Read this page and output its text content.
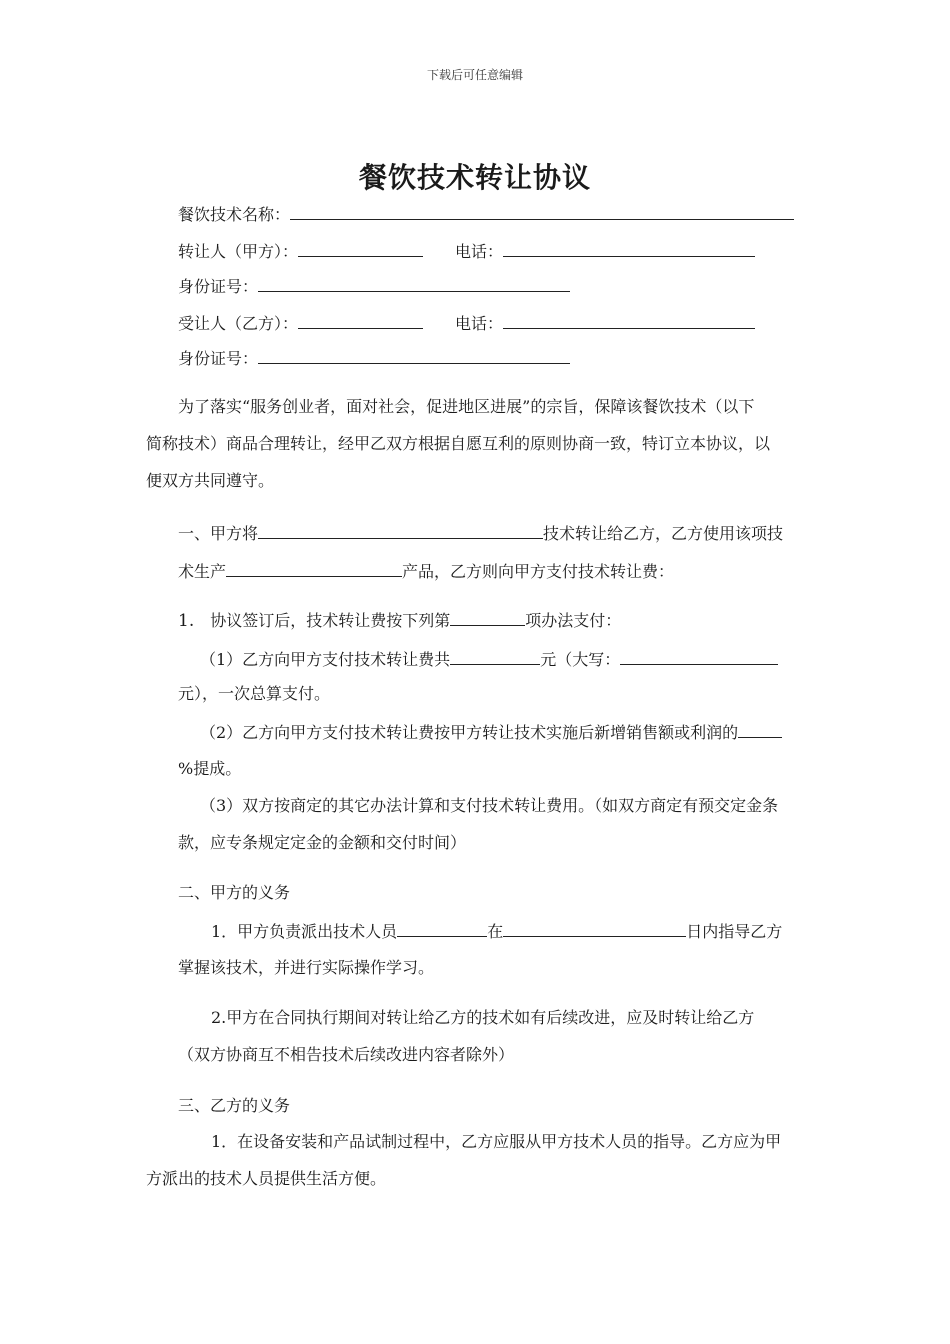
下载后可任意编辑
餐饮技术转让协议
餐饮技术名称：
转让人（甲方）：	电话：
身份证号：
受让人（乙方）：	电话：
身份证号：
为了落实“服务创业者，面对社会，促进地区进展”的宗旨，保障该餐饮技术（以下
简称技术）商品合理转让，经甲乙双方根据自愿互利的原则协商一致，特订立本协议，以
便双方共同遵守。
一、甲方将	技术转让给乙方，乙方使用该项技
术生产	产品，乙方则向甲方支付技术转让费：
1. 协议签订后，技术转让费按下列第	项办法支付：
（1）乙方向甲方支付技术转让费共	元（大写：
元），一次总算支付。
（2）乙方向甲方支付技术转让费按甲方转让技术实施后新增销售额或利润的
%提成。
（3）双方按商定的其它办法计算和支付技术转让费用。（如双方商定有预交定金条
款，应专条规定定金的金额和交付时间）
二、甲方的义务
1．甲方负责派出技术人员	在	日内指导乙方
掌握该技术，并进行实际操作学习。
2.甲方在合同执行期间对转让给乙方的技术如有后续改进，应及时转让给乙方
（双方协商互不相告技术后续改进内容者除外）
三、乙方的义务
1．在设备安装和产品试制过程中，乙方应服从甲方技术人员的指导。乙方应为甲
方派出的技术人员提供生活方便。
